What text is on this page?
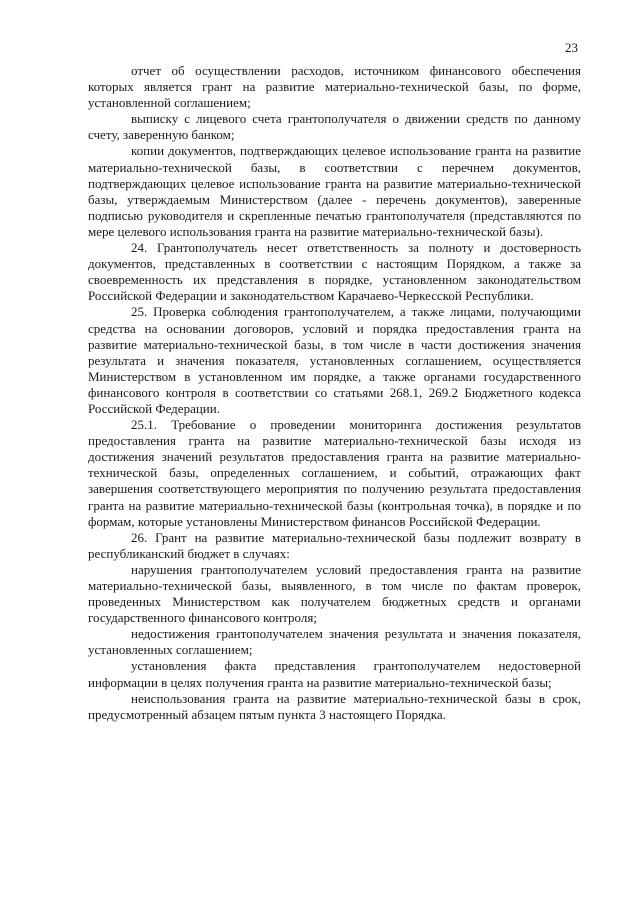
23

отчет об осуществлении расходов, источником финансового обеспечения которых является грант на развитие материально-технической базы, по форме, установленной соглашением;

выписку с лицевого счета грантополучателя о движении средств по данному счету, заверенную банком;

копии документов, подтверждающих целевое использование гранта на развитие материально-технической базы, в соответствии с перечнем документов, подтверждающих целевое использование гранта на развитие материально-технической базы, утверждаемым Министерством (далее - перечень документов), заверенные подписью руководителя и скрепленные печатью грантополучателя (представляются по мере целевого использования гранта на развитие материально-технической базы).

24. Грантополучатель несет ответственность за полноту и достоверность документов, представленных в соответствии с настоящим Порядком, а также за своевременность их представления в порядке, установленном законодательством Российской Федерации и законодательством Карачаево-Черкесской Республики.

25. Проверка соблюдения грантополучателем, а также лицами, получающими средства на основании договоров, условий и порядка предоставления гранта на развитие материально-технической базы, в том числе в части достижения значения результата и значения показателя, установленных соглашением, осуществляется Министерством в установленном им порядке, а также органами государственного финансового контроля в соответствии со статьями 268.1, 269.2 Бюджетного кодекса Российской Федерации.

25.1. Требование о проведении мониторинга достижения результатов предоставления гранта на развитие материально-технической базы исходя из достижения значений результатов предоставления гранта на развитие материально-технической базы, определенных соглашением, и событий, отражающих факт завершения соответствующего мероприятия по получению результата предоставления гранта на развитие материально-технической базы (контрольная точка), в порядке и по формам, которые установлены Министерством финансов Российской Федерации.

26. Грант на развитие материально-технической базы подлежит возврату в республиканский бюджет в случаях:

нарушения грантополучателем условий предоставления гранта на развитие материально-технической базы, выявленного, в том числе по фактам проверок, проведенных Министерством как получателем бюджетных средств и органами государственного финансового контроля;

недостижения грантополучателем значения результата и значения показателя, установленных соглашением;

установления факта представления грантополучателем недостоверной информации в целях получения гранта на развитие материально-технической базы;

неиспользования гранта на развитие материально-технической базы в срок, предусмотренный абзацем пятым пункта 3 настоящего Порядка.
